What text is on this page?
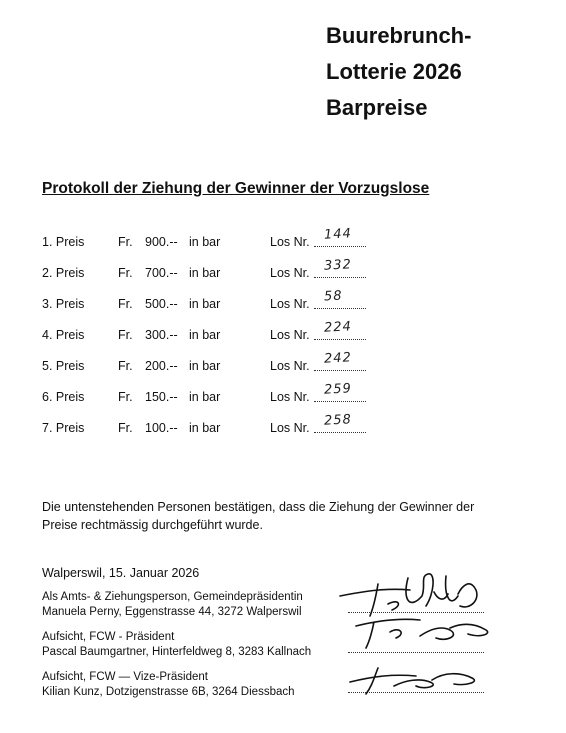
Buurebrunch-

Lotterie 2026

Barpreise

Protokoll der Ziehung der Gewinner der Vorzugslose

1. Preis	Fr. 900.-- in bar	Los Nr. 144
2. Preis	Fr. 700.-- in bar	Los Nr. 332
3. Preis	Fr. 500.-- in bar	Los Nr. 58
4. Preis	Fr. 300.-- in bar	Los Nr. 224
5. Preis	Fr. 200.-- in bar	Los Nr. 242
6. Preis	Fr. 150.-- in bar	Los Nr. 259
7. Preis	Fr. 100.-- in bar	Los Nr. 258

Die untenstehenden Personen bestätigen, dass die Ziehung der Gewinner der Preise rechtmässig durchgeführt wurde.

Walperswil, 15. Januar 2026

Als Amts- & Ziehungsperson, Gemeindepräsidentin
Manuela Perny, Eggenstrasse 44, 3272 Walperswil
Aufsicht, FCW - Präsident
Pascal Baumgartner, Hinterfeldweg 8, 3283 Kallnach
Aufsicht, FCW — Vize-Präsident
Kilian Kunz, Dotzigenstrasse 6B, 3264 Diessbach
